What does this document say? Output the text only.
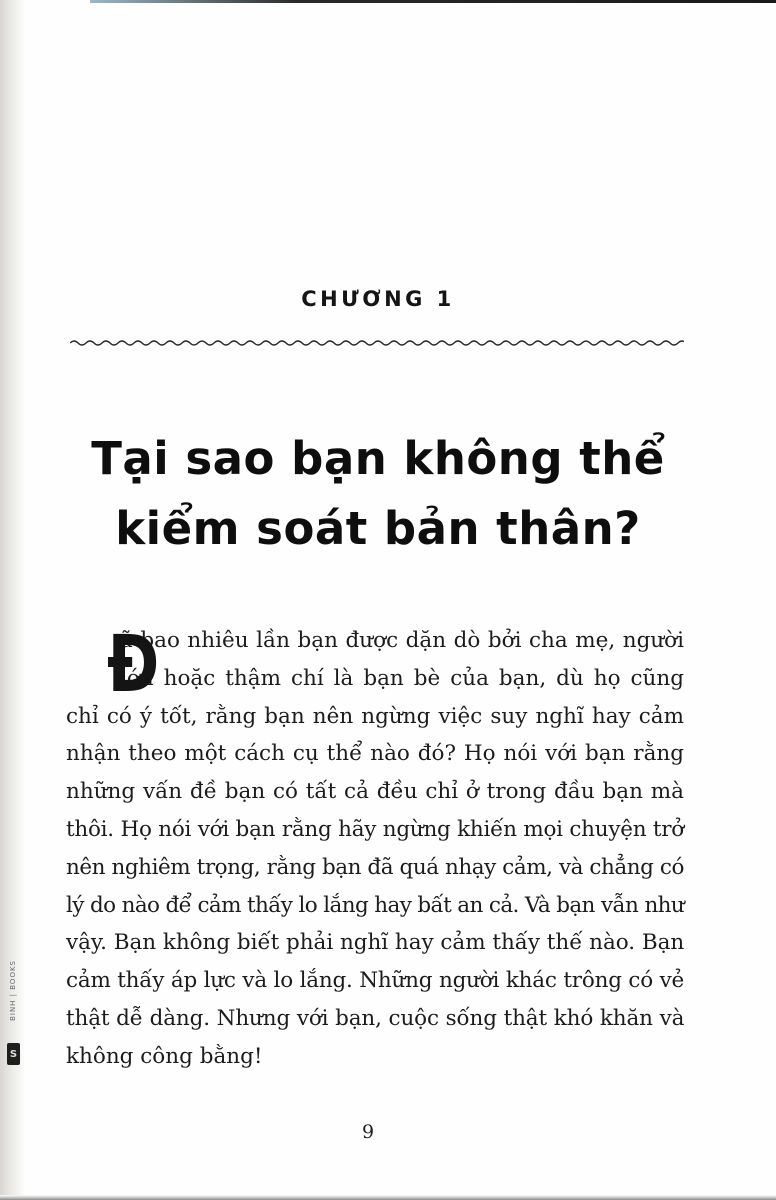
BINH | BOOKS
S
CHƯƠNG 1
Tại sao bạn không thể
kiểm soát bản thân?
Đ
ã bao nhiêu lần bạn được dặn dò bởi cha mẹ, người
lớn hoặc thậm chí là bạn bè của bạn, dù họ cũng
chỉ có ý tốt, rằng bạn nên ngừng việc suy nghĩ hay cảm
nhận theo một cách cụ thể nào đó? Họ nói với bạn rằng
những vấn đề bạn có tất cả đều chỉ ở trong đầu bạn mà
thôi. Họ nói với bạn rằng hãy ngừng khiến mọi chuyện trở
nên nghiêm trọng, rằng bạn đã quá nhạy cảm, và chẳng có
lý do nào để cảm thấy lo lắng hay bất an cả. Và bạn vẫn như
vậy. Bạn không biết phải nghĩ hay cảm thấy thế nào. Bạn
cảm thấy áp lực và lo lắng. Những người khác trông có vẻ
thật dễ dàng. Nhưng với bạn, cuộc sống thật khó khăn và
không công bằng!
9
